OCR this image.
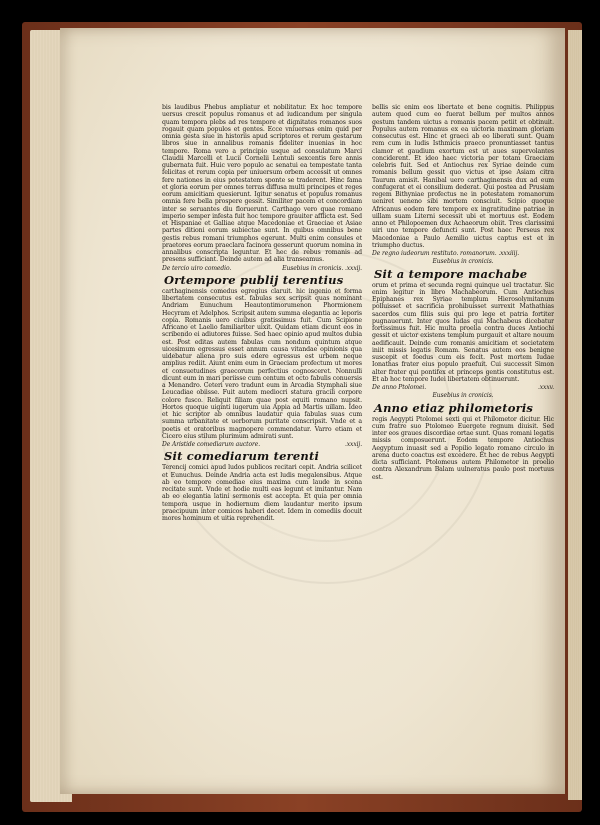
bis laudibus Phebus ampliatur et nobilitatur. Ex hoc tempore uersus crescit populus romanus et ad iudicandum per singula quam tempora plebs ad res tempore et dignitates romanos suos rogauit quam populos et gentes. Ecce vniuersas enim quid per omnia gesta siue in historiis apud scriptores et rerum gestarum libros siue in annalibus romanis fideliter inuenias in hoc tempore. Roma vero a principio usque ad consulatum Marci Claudii Marcelli et Lucii Cornelii Lentuli sexcentis fere annis gubernata fuit. Huic vero populo ac senatui ea tempestate tanta felicitas et rerum copia per uniuersum orbem accessit ut omnes fere nationes in eius potestatem sponte se traderent. Hinc fama et gloria eorum per omnes terras diffusa multi principes et reges eorum amicitiam quesierunt. Igitur senatus et populus romanus omnia fere bella prospere gessit. Similiter pacem et concordiam inter se seruantes diu floruerunt. Carthago vero quae romano imperio semper infesta fuit hoc tempore grauiter afflicta est. Sed et Hispaniae et Galliae atque Macedoniae et Graeciae et Asiae partes ditioni eorum subiectae sunt. In quibus omnibus bene gestis rebus romani triumphos egerunt. Multi enim consules et praetores eorum praeclara facinora gesserunt quorum nomina in annalibus conscripta leguntur. Et hec de rebus romanis ad presens sufficiant. Deinde autem ad alia transeamus.

De tercio uiro comedio.	Eusebius in cronicis. .xxxij.
Ortempore publij terentius

carthaginensis comedus egregius claruit. hic ingenio et forma libertatem consecutus est. fabulas sex scripsit quas nominant Andriam Eunuchum Heautontimorumenon Phormionem Hecyram et Adelphos. Scripsit autem summa elegantia ac leporis copia. Romanis uero ciuibus gratissimus fuit. Cum Scipione Africano et Laelio familiariter uixit. Quidam etiam dicunt eos in scribendo ei adiutores fuisse. Sed haec opinio apud multos dubia est. Post editas autem fabulas cum nondum quintum atque uicesimum egressus esset annum causa vitandae opinionis qua uidebatur aliena pro suis edere egressus est urbem neque amplius rediit. Aiunt enim eum in Graeciam profectum ut mores et consuetudines graecorum perfectius cognosceret. Nonnulli dicunt eum in mari periisse cum centum et octo fabulis conuersis a Menandro. Ceteri vero tradunt eum in Arcadia Stymphali siue Leucadiae obiisse. Fuit autem mediocri statura gracili corpore colore fusco. Reliquit filiam quae post equiti romano nupsit. Hortos quoque uiginti iugerum uia Appia ad Martis uillam. Ideo et hic scriptor ab omnibus laudatur quia fabulas suas cum summa urbanitate et uerborum puritate conscripsit. Vnde et a poetis et oratoribus magnopere commendatur. Varro etiam et Cicero eius stilum plurimum admirati sunt.

De Aristide comediarum auctore.	.xxxij.
Sit comediarum terenti

Terencij comici apud ludos publicos recitari cepit. Andria scilicet et Eunuchus. Deinde Andria acta est ludis megalensibus. Atque ab eo tempore comediae eius maxima cum laude in scena recitate sunt. Vnde et hodie multi eas legunt et imitantur. Nam ab eo elegantia latini sermonis est accepta. Et quia per omnia tempora usque in hodiernum diem laudantur merito ipsum praecipuum inter comicos haberi decet. Idem in comediis docuit mores hominum et uitia reprehendit.

bellis sic enim eos libertate et bene cognitis. Philippus autem quod cum eo fuerat bellum per multos annos gestum tandem uictus a romanis pacem petiit et obtinuit. Populus autem romanus ex ea uictoria maximam gloriam consecutus est. Hinc et graeci ab eo liberati sunt. Quam rem cum in ludis Isthmicis praeco pronuntiasset tantus clamor et gaudium exortum est ut aues supervolantes conciderent. Et ideo haec victoria per totam Graeciam celebris fuit. Sed et Antiochus rex Syriae deinde cum romanis bellum gessit quo victus et ipse Asiam citra Taurum amisit. Hanibal uero carthaginensis dux ad eum confugerat et ei consilium dederat. Qui postea ad Prusiam regem Bithyniae profectus ne in potestatem romanorum ueniret ueneno sibi mortem consciuit. Scipio quoque Africanus eodem fere tempore ex ingratitudine patriae in uillam suam Literni secessit ubi et mortuus est. Eodem anno et Philopoemen dux Achaeorum obiit. Tres clarissimi uiri uno tempore defuncti sunt. Post haec Perseus rex Macedoniae a Paulo Aemilio uictus captus est et in triumpho ductus.

De regno iudeorum restituto. romanorum. .xxxiiij.
Eusebius in cronicis.
Sit a tempore machabe

orum et prima et secunda regni quinque uel tractatur. Sic enim legitur in libro Machabeorum. Cum Antiochus Epiphanes rex Syriae templum Hierosolymitanum polluisset et sacrificia prohibuisset surrexit Mathathias sacerdos cum filiis suis qui pro lege et patria fortiter pugnauerunt. Inter quos Iudas qui Machabeus dicebatur fortissimus fuit. Hic multa proelia contra duces Antiochi gessit et uictor existens templum purgauit et altare nouum aedificauit. Deinde cum romanis amicitiam et societatem iniit missis legatis Romam. Senatus autem eos benigne suscepit et foedus cum eis fecit. Post mortem Iudae Ionathas frater eius populo praefuit. Cui successit Simon alter frater qui pontifex et princeps gentis constitutus est. Et ab hoc tempore Iudei libertatem obtinuerunt.

De anno Ptolomei.	.xxxv.
Eusebius in cronicis.
Anno etiaz philometoris

regis Aegypti Ptolomei sexti qui et Philometor dicitur. Hic cum fratre suo Ptolomeo Euergete regnum diuisit. Sed inter eos graues discordiae ortae sunt. Quas romani legatis missis composuerunt. Eodem tempore Antiochus Aegyptum inuasit sed a Popilio legato romano circulo in arena ducto coactus est excedere. Et hec de rebus Aegypti dicta sufficiant. Ptolomeus autem Philometor in proelio contra Alexandrum Balam uulneratus paulo post mortuus est.
